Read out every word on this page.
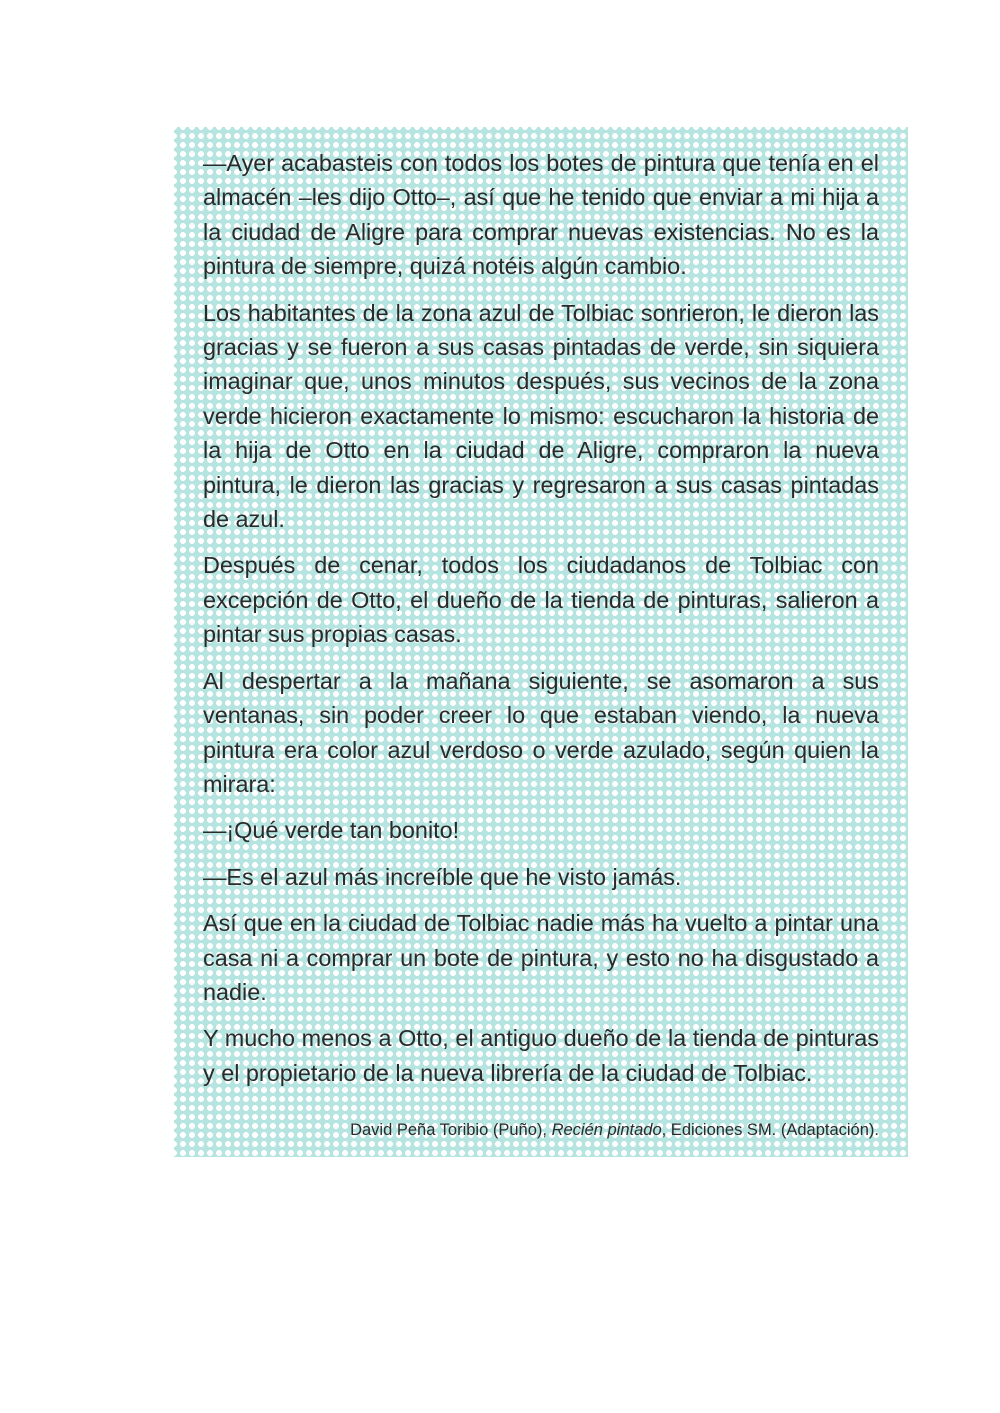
—Ayer acabasteis con todos los botes de pintura que tenía en el almacén –les dijo Otto–, así que he tenido que enviar a mi hija a la ciudad de Aligre para comprar nuevas existencias. No es la pintura de siempre, quizá notéis algún cambio.

Los habitantes de la zona azul de Tolbiac sonrieron, le dieron las gracias y se fueron a sus casas pintadas de verde, sin siquiera imaginar que, unos minutos después, sus vecinos de la zona verde hicieron exactamente lo mismo: escucharon la historia de la hija de Otto en la ciudad de Aligre, compraron la nueva pintura, le dieron las gracias y regresaron a sus casas pintadas de azul.

Después de cenar, todos los ciudadanos de Tolbiac con excepción de Otto, el dueño de la tienda de pinturas, salieron a pintar sus propias casas.

Al despertar a la mañana siguiente, se asomaron a sus ventanas, sin poder creer lo que estaban viendo, la nueva pintura era color azul verdoso o verde azulado, según quien la mirara:

—¡Qué verde tan bonito!

—Es el azul más increíble que he visto jamás.

Así que en la ciudad de Tolbiac nadie más ha vuelto a pintar una casa ni a comprar un bote de pintura, y esto no ha disgustado a nadie.

Y mucho menos a Otto, el antiguo dueño de la tienda de pinturas y el propietario de la nueva librería de la ciudad de Tolbiac.

David Peña Toribio (Puño), Recién pintado, Ediciones SM. (Adaptación).
